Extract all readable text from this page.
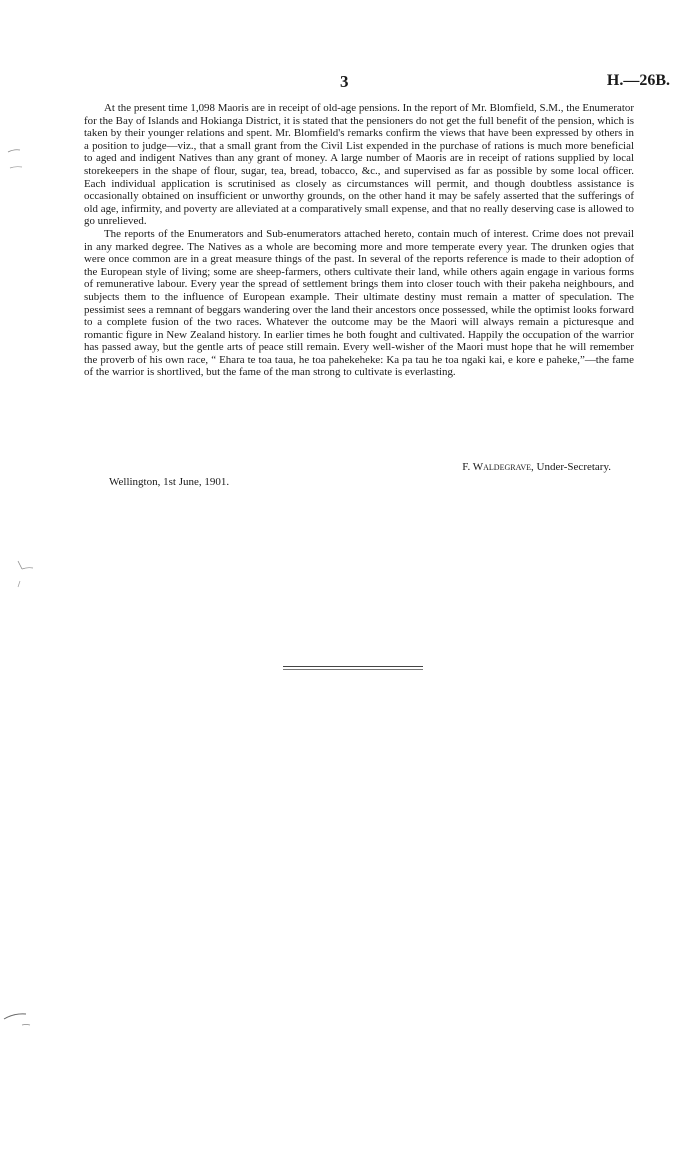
3	H.—26B.

At the present time 1,098 Maoris are in receipt of old-age pensions. In the report of Mr. Blomfield, S.M., the Enumerator for the Bay of Islands and Hokianga District, it is stated that the pensioners do not get the full benefit of the pension, which is taken by their younger relations and spent. Mr. Blomfield's remarks confirm the views that have been expressed by others in a position to judge—viz., that a small grant from the Civil List expended in the purchase of rations is much more beneficial to aged and indigent Natives than any grant of money. A large number of Maoris are in receipt of rations supplied by local storekeepers in the shape of flour, sugar, tea, bread, tobacco, &c., and supervised as far as possible by some local officer. Each individual application is scrutinised as closely as circumstances will permit, and though doubtless assistance is occasionally obtained on insufficient or unworthy grounds, on the other hand it may be safely asserted that the sufferings of old age, infirmity, and poverty are alleviated at a comparatively small expense, and that no really deserving case is allowed to go unrelieved.

The reports of the Enumerators and Sub-enumerators attached hereto, contain much of interest. Crime does not prevail in any marked degree. The Natives as a whole are becoming more and more temperate every year. The drunken ogies that were once common are in a great measure things of the past. In several of the reports reference is made to their adoption of the European style of living; some are sheep-farmers, others cultivate their land, while others again engage in various forms of remunerative labour. Every year the spread of settlement brings them into closer touch with their pakeha neighbours, and subjects them to the influence of European example. Their ultimate destiny must remain a matter of speculation. The pessimist sees a remnant of beggars wandering over the land their ancestors once possessed, while the optimist looks forward to a complete fusion of the two races. Whatever the outcome may be the Maori will always remain a picturesque and romantic figure in New Zealand history. In earlier times he both fought and cultivated. Happily the occupation of the warrior has passed away, but the gentle arts of peace still remain. Every well-wisher of the Maori must hope that he will remember the proverb of his own race, “ Ehara te toa taua, he toa pahekeheke: Ka pa tau he toa ngaki kai, e kore e paheke,”—the fame of the warrior is shortlived, but the fame of the man strong to cultivate is everlasting.

F. Waldegrave, Under-Secretary.
Wellington, 1st June, 1901.
